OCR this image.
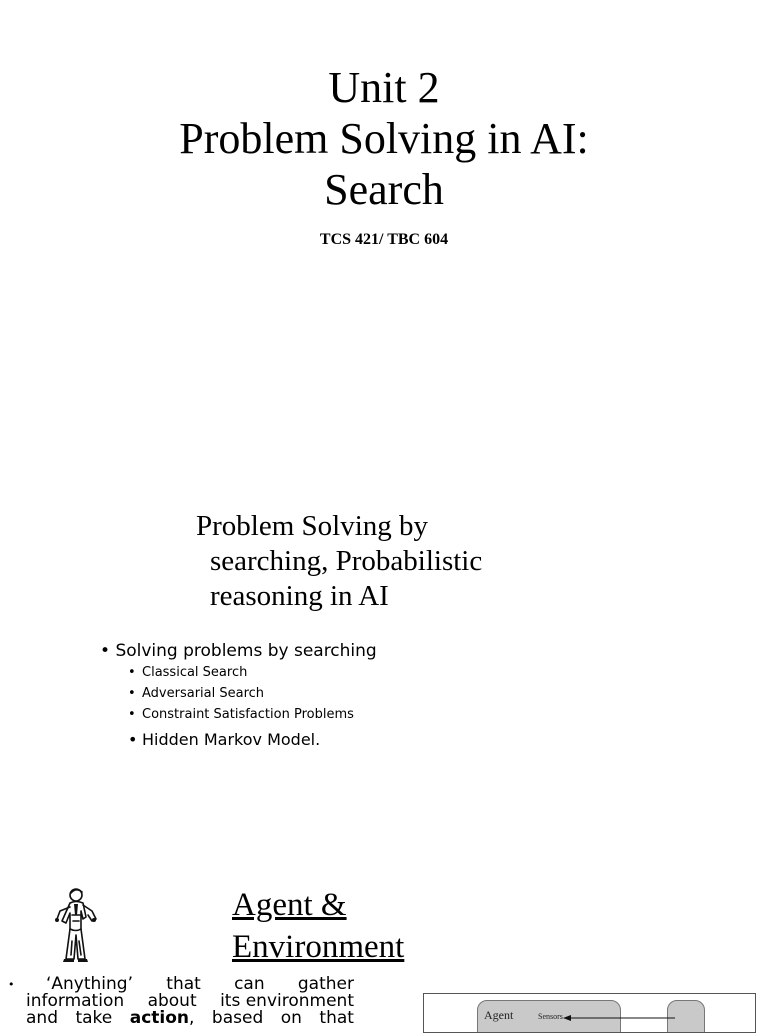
Unit 2
Problem Solving in AI:
Search
TCS 421/ TBC 604
Problem Solving by
searching, Probabilistic
reasoning in AI
• Solving problems by searching
• Classical Search
• Adversarial Search
• Constraint Satisfaction Problems
• Hidden Markov Model.
Agent &
Environment
• ‘Anything’ that can gather
information about its environment
and take action, based on that	Agent	Sensors
